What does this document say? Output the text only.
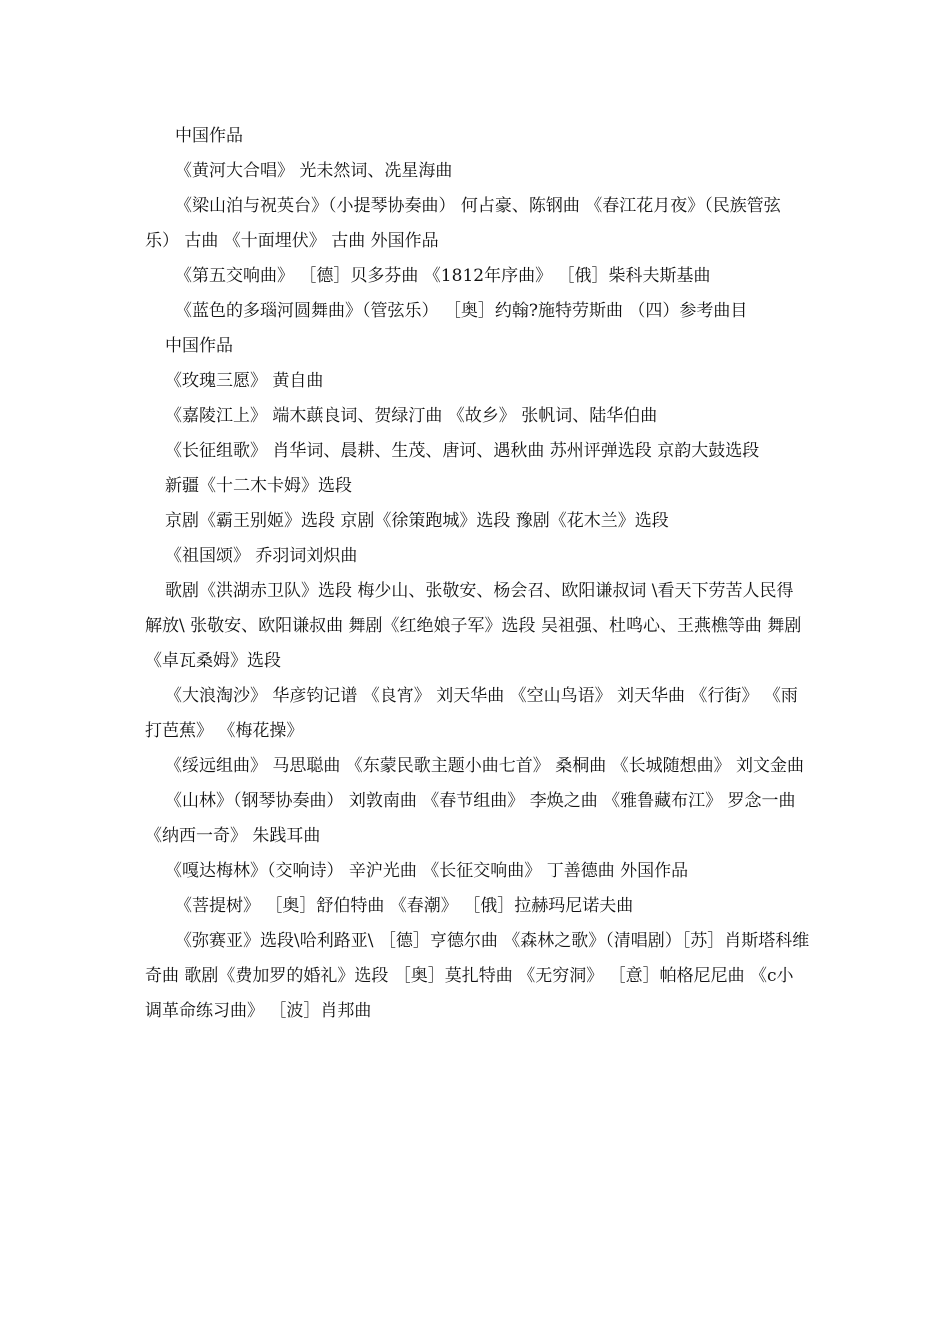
中国作品

《黄河大合唱》 光未然词、冼星海曲

《梁山泊与祝英台》（小提琴协奏曲） 何占豪、陈钢曲 《春江花月夜》（民族管弦乐） 古曲 《十面埋伏》 古曲 外国作品

《第五交响曲》 ［德］贝多芬曲 《1812年序曲》 ［俄］柴科夫斯基曲

《蓝色的多瑙河圆舞曲》（管弦乐） ［奥］约翰?施特劳斯曲 （四）参考曲目

中国作品

《玫瑰三愿》 黄自曲

《嘉陵江上》 端木蕻良词、贺绿汀曲 《故乡》 张帆词、陆华伯曲

《长征组歌》 肖华词、晨耕、生茂、唐诃、遇秋曲 苏州评弹选段 京韵大鼓选段

新疆《十二木卡姆》选段

京剧《霸王别姬》选段 京剧《徐策跑城》选段 豫剧《花木兰》选段

《祖国颂》 乔羽词刘炽曲

歌剧《洪湖赤卫队》选段 梅少山、张敬安、杨会召、欧阳谦叔词 \看天下劳苦人民得解放\ 张敬安、欧阳谦叔曲 舞剧《红绝娘子军》选段 吴祖强、杜鸣心、王燕樵等曲 舞剧《卓瓦桑姆》选段

《大浪淘沙》 华彦钧记谱 《良宵》 刘天华曲 《空山鸟语》 刘天华曲 《行街》 《雨打芭蕉》 《梅花操》

《绥远组曲》 马思聪曲 《东蒙民歌主题小曲七首》 桑桐曲 《长城随想曲》 刘文金曲

《山林》（钢琴协奏曲） 刘敦南曲 《春节组曲》 李焕之曲 《雅鲁藏布江》 罗念一曲 《纳西一奇》 朱践耳曲

《嘎达梅林》（交响诗） 辛沪光曲 《长征交响曲》 丁善德曲 外国作品

《菩提树》 ［奥］舒伯特曲 《春潮》 ［俄］拉赫玛尼诺夫曲

《弥赛亚》选段\哈利路亚\ ［德］亨德尔曲 《森林之歌》（清唱剧）［苏］肖斯塔科维奇曲 歌剧《费加罗的婚礼》选段 ［奥］莫扎特曲 《无穷洞》 ［意］帕格尼尼曲 《c小调革命练习曲》 ［波］肖邦曲
